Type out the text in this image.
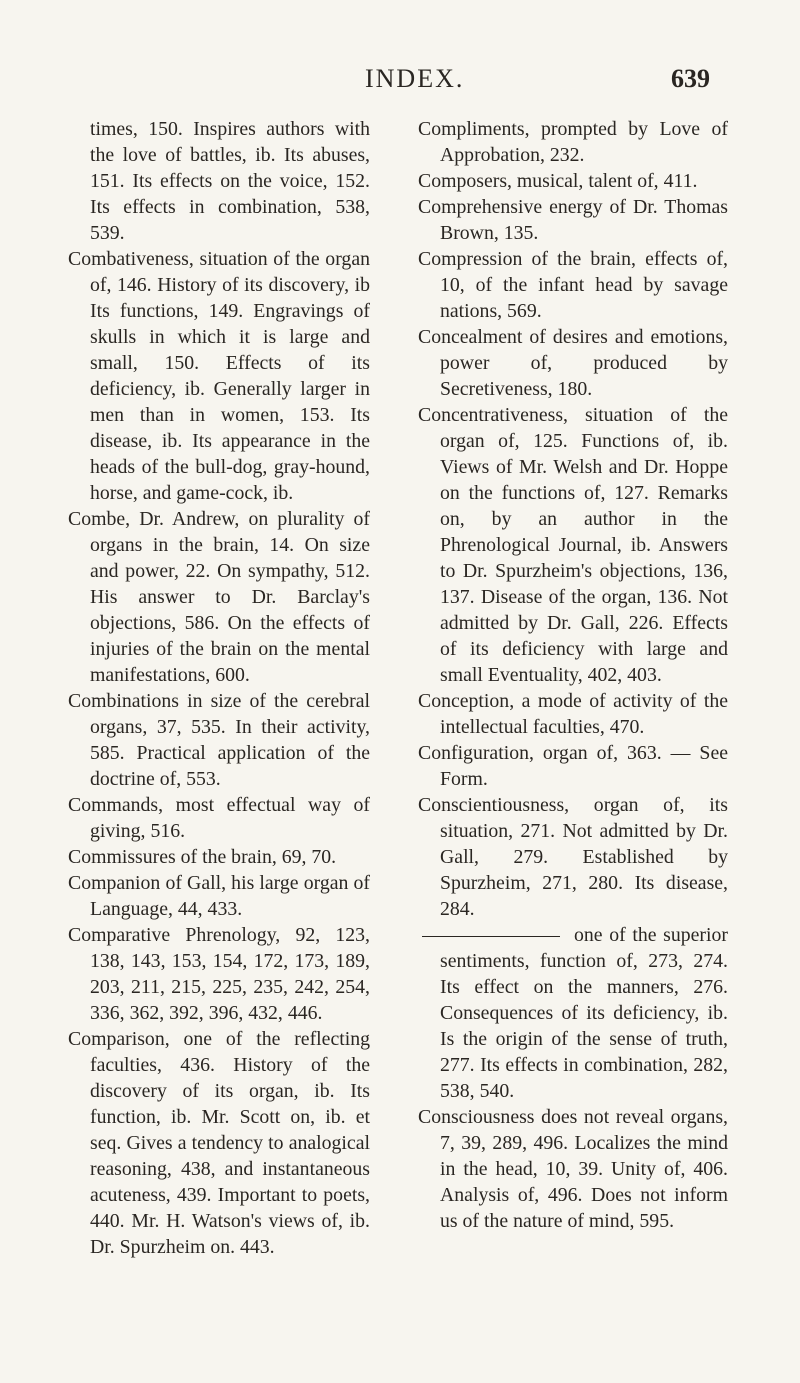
INDEX.	639

times, 150. Inspires authors with the love of battles, ib. Its abuses, 151. Its effects on the voice, 152. Its effects in combination, 538, 539.

Combativeness, situation of the organ of, 146. History of its discovery, ib Its functions, 149. Engravings of skulls in which it is large and small, 150. Effects of its deficiency, ib. Generally larger in men than in women, 153. Its disease, ib. Its appearance in the heads of the bull-dog, gray-hound, horse, and game-cock, ib.

Combe, Dr. Andrew, on plurality of organs in the brain, 14. On size and power, 22. On sympathy, 512. His answer to Dr. Barclay's objections, 586. On the effects of injuries of the brain on the mental manifestations, 600.

Combinations in size of the cerebral organs, 37, 535. In their activity, 585. Practical application of the doctrine of, 553.

Commands, most effectual way of giving, 516.

Commissures of the brain, 69, 70.

Companion of Gall, his large organ of Language, 44, 433.

Comparative Phrenology, 92, 123, 138, 143, 153, 154, 172, 173, 189, 203, 211, 215, 225, 235, 242, 254, 336, 362, 392, 396, 432, 446.

Comparison, one of the reflecting faculties, 436. History of the discovery of its organ, ib. Its function, ib. Mr. Scott on, ib. et seq. Gives a tendency to analogical reasoning, 438, and instantaneous acuteness, 439. Important to poets, 440. Mr. H. Watson's views of, ib. Dr. Spurzheim on. 443.

Compliments, prompted by Love of Approbation, 232.

Composers, musical, talent of, 411.

Comprehensive energy of Dr. Thomas Brown, 135.

Compression of the brain, effects of, 10, of the infant head by savage nations, 569.

Concealment of desires and emotions, power of, produced by Secretiveness, 180.

Concentrativeness, situation of the organ of, 125. Functions of, ib. Views of Mr. Welsh and Dr. Hoppe on the functions of, 127. Remarks on, by an author in the Phrenological Journal, ib. Answers to Dr. Spurzheim's objections, 136, 137. Disease of the organ, 136. Not admitted by Dr. Gall, 226. Effects of its deficiency with large and small Eventuality, 402, 403.

Conception, a mode of activity of the intellectual faculties, 470.

Configuration, organ of, 363. — See Form.

Conscientiousness, organ of, its situation, 271. Not admitted by Dr. Gall, 279. Established by Spurzheim, 271, 280. Its disease, 284.

one of the superior sentiments, function of, 273, 274. Its effect on the manners, 276. Consequences of its deficiency, ib. Is the origin of the sense of truth, 277. Its effects in combination, 282, 538, 540.

Consciousness does not reveal organs, 7, 39, 289, 496. Localizes the mind in the head, 10, 39. Unity of, 406. Analysis of, 496. Does not inform us of the nature of mind, 595.
